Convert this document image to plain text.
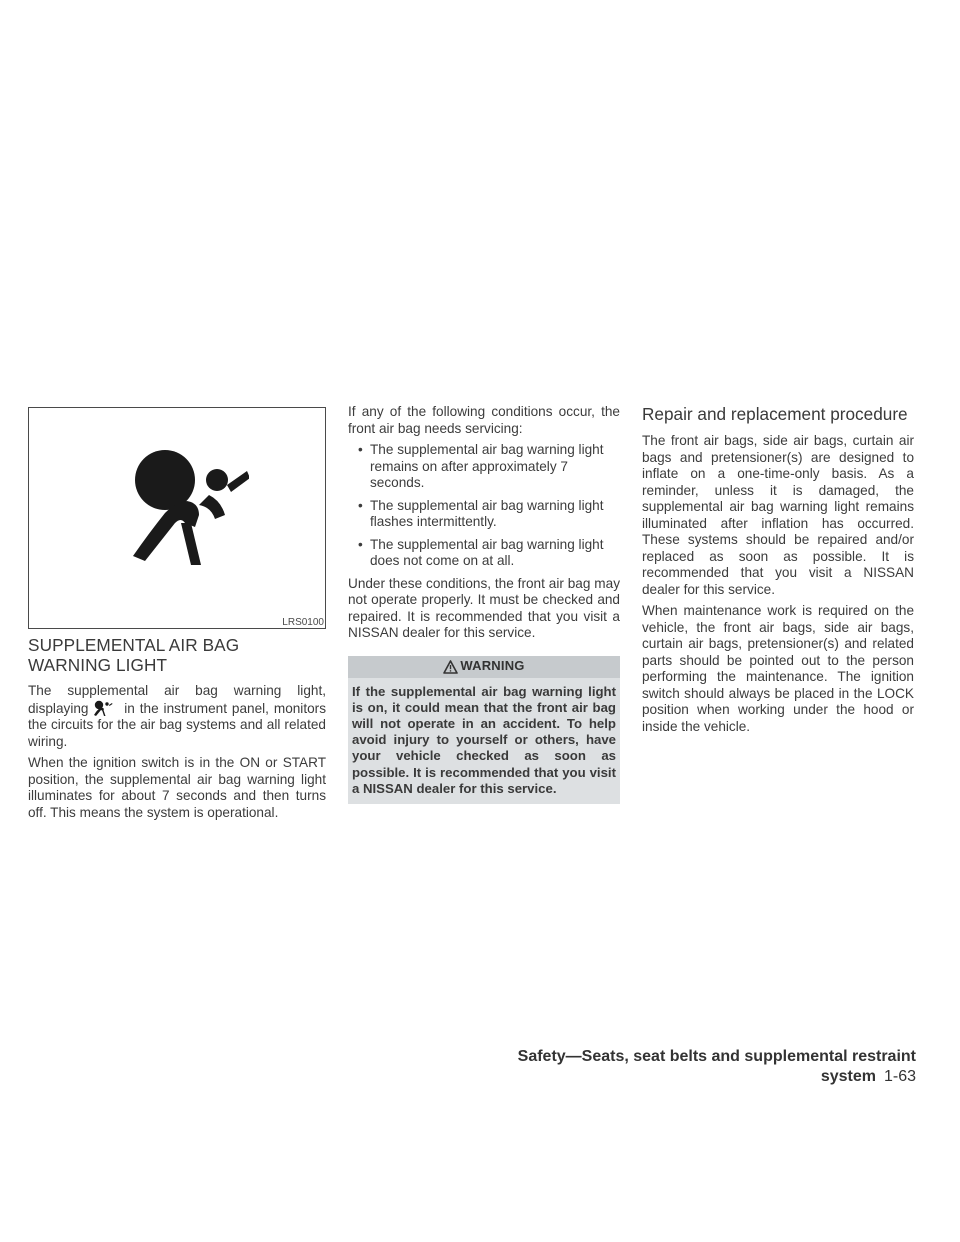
LRS0100
SUPPLEMENTAL AIR BAG WARNING LIGHT

The supplemental air bag warning light, displaying	in the instrument panel, monitors the circuits for the air bag systems and all related wiring.

When the ignition switch is in the ON or START position, the supplemental air bag warning light illuminates for about 7 seconds and then turns off. This means the system is operational.

If any of the following conditions occur, the front air bag needs servicing:

• The supplemental air bag warning light remains on after approximately 7 seconds.
• The supplemental air bag warning light flashes intermittently.
• The supplemental air bag warning light does not come on at all.

Under these conditions, the front air bag may not operate properly. It must be checked and repaired. It is recommended that you visit a NISSAN dealer for this service.

WARNING
If the supplemental air bag warning light is on, it could mean that the front air bag will not operate in an accident. To help avoid injury to yourself or others, have your vehicle checked as soon as possible. It is recommended that you visit a NISSAN dealer for this service.
Repair and replacement procedure

The front air bags, side air bags, curtain air bags and pretensioner(s) are designed to inflate on a one-time-only basis. As a reminder, unless it is damaged, the supplemental air bag warning light remains illuminated after inflation has occurred. These systems should be repaired and/or replaced as soon as possible. It is recommended that you visit a NISSAN dealer for this service.

When maintenance work is required on the vehicle, the front air bags, side air bags, curtain air bags, pretensioner(s) and related parts should be pointed out to the person performing the maintenance. The ignition switch should always be placed in the LOCK position when working under the hood or inside the vehicle.

Safety—Seats, seat belts and supplemental restraint system 1-63
